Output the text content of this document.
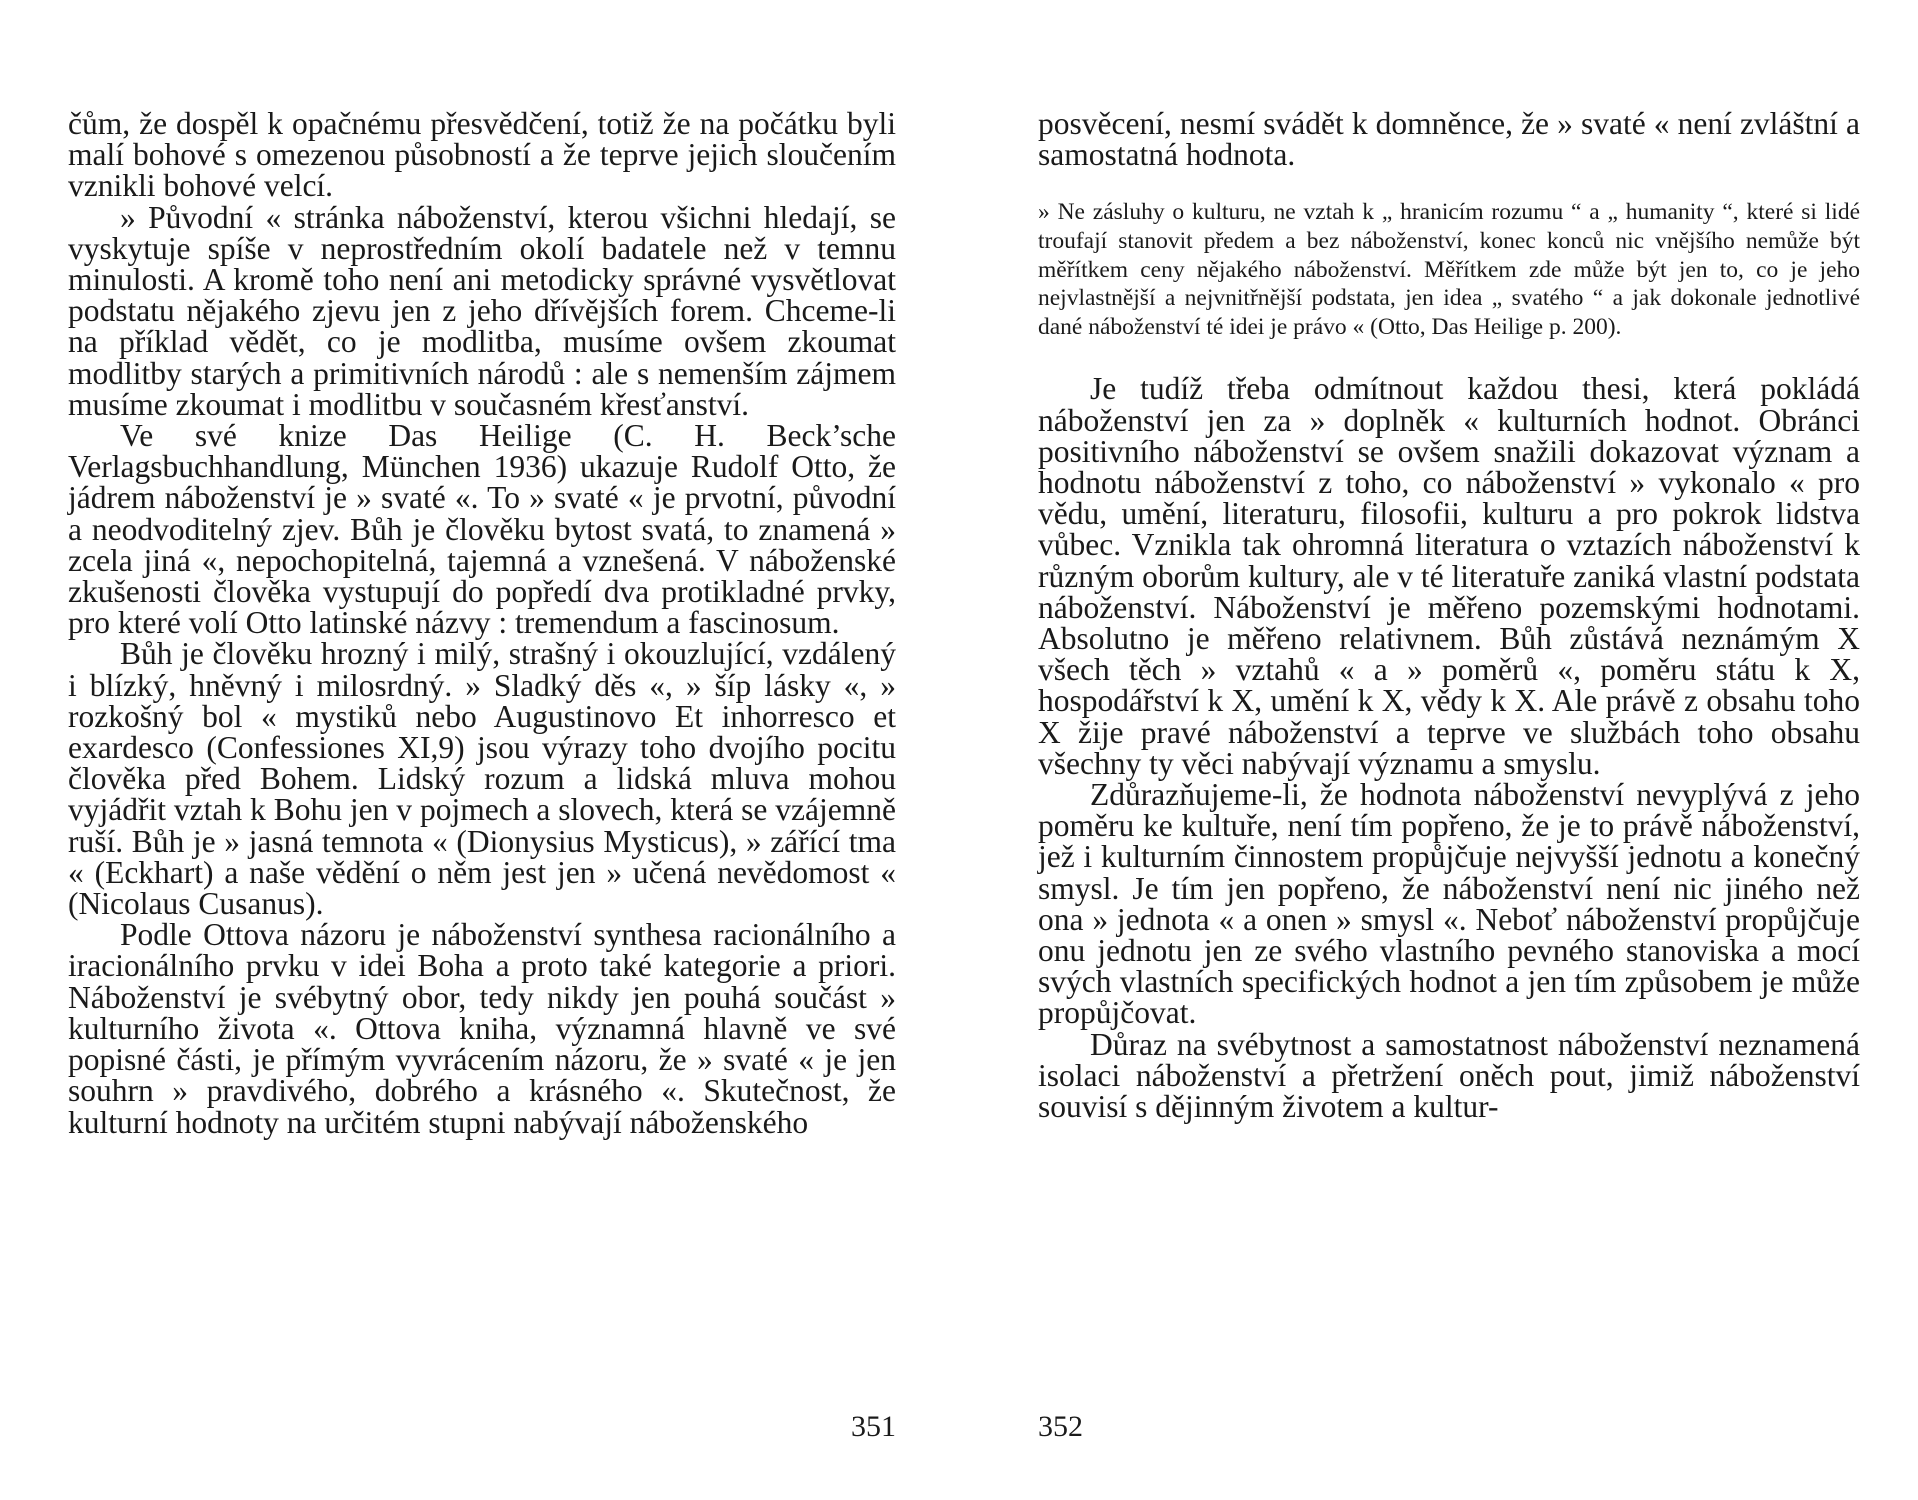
čům, že dospěl k opačnému přesvědčení, totiž že na počátku byli malí bohové s omezenou působností a že teprve jejich sloučením vznikli bohové velcí.

» Původní « stránka náboženství, kterou všichni hledají, se vyskytuje spíše v neprostředním okolí badatele než v temnu minulosti. A kromě toho není ani metodicky správné vysvětlovat podstatu nějakého zjevu jen z jeho dřívějších forem. Chceme-li na příklad vědět, co je modlitba, musíme ovšem zkoumat modlitby starých a primitivních národů : ale s nemenším zájmem musíme zkoumat i modlitbu v současném křesťanství.

Ve své knize Das Heilige (C. H. Beck’sche Verlagsbuchhandlung, München 1936) ukazuje Rudolf Otto, že jádrem náboženství je » svaté «. To » svaté « je prvotní, původní a neodvoditelný zjev. Bůh je člověku bytost svatá, to znamená » zcela jiná «, nepochopitelná, tajemná a vznešená. V náboženské zkušenosti člověka vystupují do popředí dva protikladné prvky, pro které volí Otto latinské názvy : tremendum a fascinosum.

Bůh je člověku hrozný i milý, strašný i okouzlující, vzdálený i blízký, hněvný i milosrdný. » Sladký děs «, » šíp lásky «, » rozkošný bol « mystiků nebo Augustinovo Et inhorresco et exardesco (Confessiones XI,9) jsou výrazy toho dvojího pocitu člověka před Bohem. Lidský rozum a lidská mluva mohou vyjádřit vztah k Bohu jen v pojmech a slovech, která se vzájemně ruší. Bůh je » jasná temnota « (Dionysius Mysticus), » zářící tma « (Eckhart) a naše vědění o něm jest jen » učená nevědomost « (Nicolaus Cusanus).

Podle Ottova názoru je náboženství synthesa racionálního a iracionálního prvku v idei Boha a proto také kategorie a priori. Náboženství je svébytný obor, tedy nikdy jen pouhá součást » kulturního života «. Ottova kniha, významná hlavně ve své popisné části, je přímým vyvrácením názoru, že » svaté « je jen souhrn » pravdivého, dobrého a krásného «. Skutečnost, že kulturní hodnoty na určitém stupni nabývají náboženského

351

posvěcení, nesmí svádět k domněnce, že » svaté « není zvláštní a samostatná hodnota.

» Ne zásluhy o kulturu, ne vztah k „ hranicím rozumu “ a „ humanity “, které si lidé troufají stanovit předem a bez náboženství, konec konců nic vnějšího nemůže být měřítkem ceny nějakého náboženství. Měřítkem zde může být jen to, co je jeho nejvlastnější a nejvnitřnější podstata, jen idea „ svatého “ a jak dokonale jednotlivé dané náboženství té idei je právo « (Otto, Das Heilige p. 200).

Je tudíž třeba odmítnout každou thesi, která pokládá náboženství jen za » doplněk « kulturních hodnot. Obránci positivního náboženství se ovšem snažili dokazovat význam a hodnotu náboženství z toho, co náboženství » vykonalo « pro vědu, umění, literaturu, filosofii, kulturu a pro pokrok lidstva vůbec. Vznikla tak ohromná literatura o vztazích náboženství k různým oborům kultury, ale v té literatuře zaniká vlastní podstata náboženství. Náboženství je měřeno pozemskými hodnotami. Absolutno je měřeno relativnem. Bůh zůstává neznámým X všech těch » vztahů « a » poměrů «, poměru státu k X, hospodářství k X, umění k X, vědy k X. Ale právě z obsahu toho X žije pravé náboženství a teprve ve službách toho obsahu všechny ty věci nabývají významu a smyslu.

Zdůrazňujeme-li, že hodnota náboženství nevyplývá z jeho poměru ke kultuře, není tím popřeno, že je to právě náboženství, jež i kulturním činnostem propůjčuje nejvyšší jednotu a konečný smysl. Je tím jen popřeno, že náboženství není nic jiného než ona » jednota « a onen » smysl «. Neboť náboženství propůjčuje onu jednotu jen ze svého vlastního pevného stanoviska a mocí svých vlastních specifických hodnot a jen tím způsobem je může propůjčovat.

Důraz na svébytnost a samostatnost náboženství neznamená isolaci náboženství a přetržení oněch pout, jimiž náboženství souvisí s dějinným životem a kultur-

352
